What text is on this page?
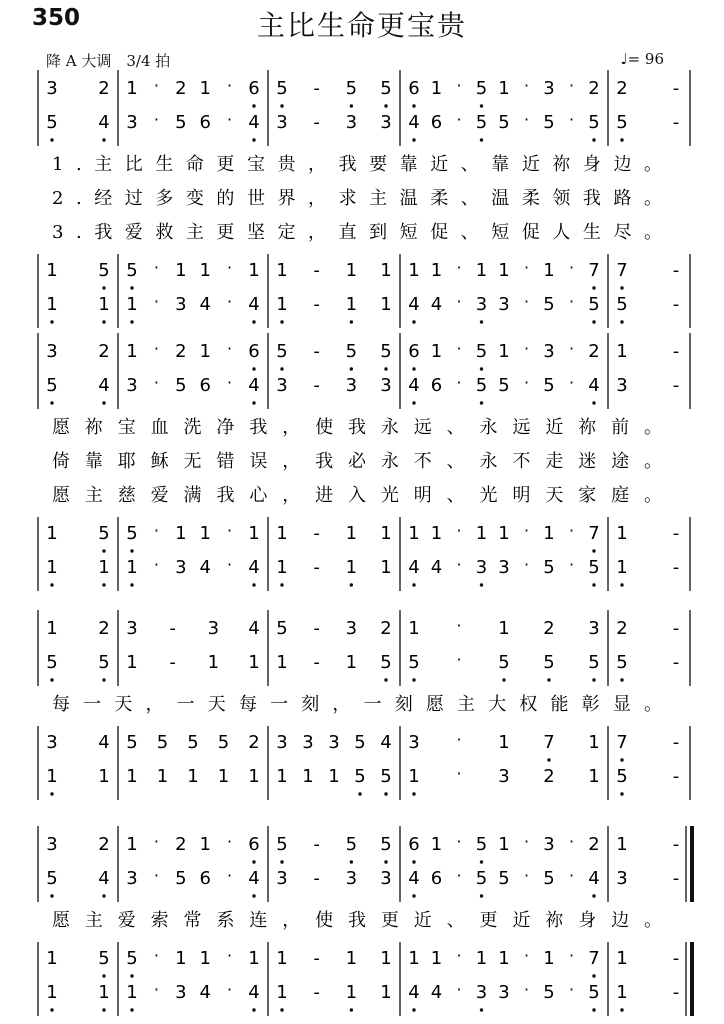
350	主比生命更宝贵
降 A 大调　3/4 拍	♩= 96
3 2 1 · 2 1 · 6 5 - 5 5 6 1 · 5 1 · 3 · 2 2	-
5 4 3 · 5 6 · 4 3 - 3 3 4 6 · 5 5 · 5 · 5 5	-
1.主比生命更宝贵，我要靠近、靠近祢身边。
2.经过多变的世界，求主温柔、温柔领我路。
3.我爱救主更坚定，直到短促、短促人生尽。
1 5 5 · 1 1 · 1 1 - 1 1 1 1 · 1 1 · 1 · 7 7	-
1 1 1 · 3 4 · 4 1 - 1 1 4 4 · 3 3 · 5 · 5 5	-
3 2 1 · 2 1 · 6 5 - 5 5 6 1 · 5 1 · 3 · 2 1	-
5 4 3 · 5 6 · 4 3 - 3 3 4 6 · 5 5 · 5 · 4 3	-
愿祢宝血洗净我，使我永远、永远近祢前。
倚靠耶稣无错误，我必永不、永不走迷途。
愿主慈爱满我心，进入光明、光明天家庭。
1 5 5 · 1 1 · 1 1 - 1 1 1 1 · 1 1 · 1 · 7 1	-
1 1 1 · 3 4 · 4 1 - 1 1 4 4 · 3 3 · 5 · 5 1	-
1 2 3 - 3 4 5 - 3 2 1 · 1 2 3 2	-
5 5 1 - 1 1 1 - 1 5 5 · 5 5 5 5	-
每一天，一天每一刻，一刻愿主大权能彰显。
3 4 5 5 5 5 2 3 3 3 5 4 3 · 1 7 1 7	-
1 1 1 1 1 1 1 1 1 1 5 5 1 · 3 2 1 5	-
3 2 1 · 2 1 · 6 5 - 5 5 6 1 · 5 1 · 3 · 2 1	-
5 4 3 · 5 6 · 4 3 - 3 3 4 6 · 5 5 · 5 · 4 3	-
愿主爱索常系连，使我更近、更近祢身边。
1 5 5 · 1 1 · 1 1 - 1 1 1 1 · 1 1 · 1 · 7 1	-
1 1 1 · 3 4 · 4 1 - 1 1 4 4 · 3 3 · 5 · 5 1	-
